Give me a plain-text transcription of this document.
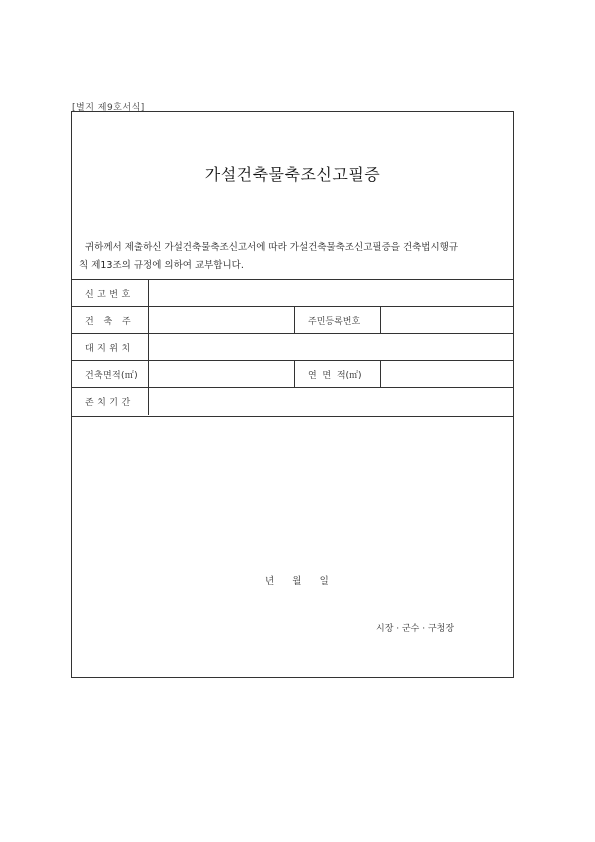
[별지 제9호서식]
가설건축물축조신고필증
귀하께서 제출하신 가설건축물축조신고서에 따라 가설건축물축조신고필증을 건축법시행규
칙 제13조의 규정에 의하여 교부합니다.
신 고 번 호
건   축   주	주민등록번호
대 지 위 치
건축면적(㎡)	연  면  적(㎡)
존 치 기 간
년      월      일
시장 · 군수 · 구청장
